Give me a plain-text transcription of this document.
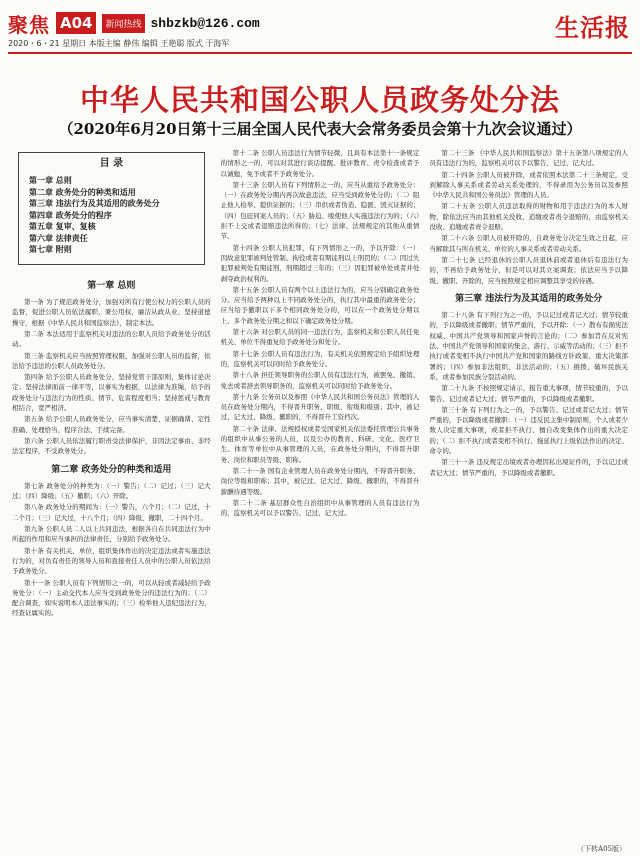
聚焦 A04	新闻热线 shbzkb@126.com	生活报
2020・6・21 星期日 本版主编 静伟 编辑 王艳聪 版式 于海军
中华人民共和国公职人员政务处分法
（2020年6月20日第十三届全国人民代表大会常务委员会第十九次会议通过）
目 录
第一章 总则
第二章 政务处分的种类和适用
第三章 违法行为及其适用的政务处分
第四章 政务处分的程序
第五章 复审、复核
第六章 法律责任
第七章 附则
第一章 总则

第一条 为了规范政务处分，加强对所有行使公权力的公职人员的监督，促进公职人员依法履职、秉公用权、廉洁从政从业、坚持道德操守，根据《中华人民共和国监察法》，制定本法。

第二条 本法适用于监察机关对违法的公职人员给予政务处分的活动。

第三条 监察机关应当按照管理权限，加强对公职人员的监督，依法给予违法的公职人员政务处分。

第四条 给予公职人员政务处分，坚持党管干部原则，集体讨论决定；坚持法律面前一律平等，以事实为根据，以法律为准绳，给予的政务处分与违法行为的性质、情节、危害程度相当；坚持惩戒与教育相结合，宽严相济。

第五条 给予公职人员政务处分，应当事实清楚、证据确凿、定性准确、处理恰当、程序合法、手续完备。

第六条 公职人员依法履行职责受法律保护，非因法定事由、非经法定程序，不受政务处分。

第二章 政务处分的种类和适用

第七条 政务处分的种类为：（一）警告；（二）记过；（三）记大过；（四）降级；（五）撤职；（六）开除。

第八条 政务处分的期间为：（一）警告，六个月；（二）记过，十二个月；（三）记大过，十八个月；（四）降级、撤职，二十四个月。

第九条 公职人员二人以上共同违法，根据各自在共同违法行为中所起的作用和应当承担的法律责任，分别给予政务处分。

第十条 有关机关、单位、组织集体作出的决定违法或者实施违法行为的，对负有责任的领导人员和直接责任人员中的公职人员依法给予政务处分。

第十一条 公职人员有下列情形之一的，可以从轻或者减轻给予政务处分：（一）主动交代本人应当受到政务处分的违法行为的；（二）配合调查，如实说明本人违法事实的；（三）检举他人违纪违法行为，经查证属实的。

第十二条 公职人员违法行为情节轻微，且具有本法第十一条规定的情形之一的，可以对其进行谈话提醒、批评教育、责令检查或者予以诫勉，免予或者不予政务处分。

第十三条 公职人员有下列情形之一的，应当从重给予政务处分：（一）在政务处分期内再次故意违法，应当受到政务处分的；（二）阻止他人检举、提供证据的；（三）串供或者伪造、隐匿、毁灭证据的；（四）包庇同案人员的；（五）胁迫、唆使他人实施违法行为的；（六）拒不上交或者退赔违法所得的；（七）法律、法规规定的其他从重情节。

第十四条 公职人员犯罪，有下列情形之一的，予以开除：（一）因故意犯罪被判处管制、拘役或者有期徒刑以上刑罚的；（二）因过失犯罪被判处有期徒刑，刑期超过三年的；（三）因犯罪被单处或者并处剥夺政治权利的。

第十五条 公职人员有两个以上违法行为的，应当分别确定政务处分。应当给予两种以上不同政务处分的，执行其中最重的政务处分；应当给予撤职以下多个相同政务处分的，可以在一个政务处分期以上、多个政务处分期之和以下确定政务处分期。

第十六条 对公职人员的同一违法行为，监察机关和公职人员任免机关、单位不得重复给予政务处分和处分。

第十七条 公职人员有违法行为，有关机关依照规定给予组织处理的，监察机关可以同时给予政务处分。

第十八条 担任领导职务的公职人员有违法行为，被罢免、撤销、免去或者辞去领导职务的，监察机关可以同时给予政务处分。

第十九条 公务员以及参照《中华人民共和国公务员法》管理的人员在政务处分期内，不得晋升职务、职级、衔级和级别；其中，被记过、记大过、降级、撤职的，不得晋升工资档次。

第二十条 法律、法规授权或者受国家机关依法委托管理公共事务的组织中从事公务的人员，以及公办的教育、科研、文化、医疗卫生、体育等单位中从事管理的人员，在政务处分期内，不得晋升职务、岗位和职员等级、职称。

第二十一条 国有企业管理人员在政务处分期内，不得晋升职务、岗位等级和职称；其中，被记过、记大过、降级、撤职的，不得晋升薪酬待遇等级。

第二十二条 基层群众性自治组织中从事管理的人员有违法行为的，监察机关可以予以警告、记过、记大过。

第二十三条 《中华人民共和国监察法》第十五条第八项规定的人员有违法行为的，监察机关可以予以警告、记过、记大过。

第二十四条 公职人员被开除，或者依照本法第二十三条规定，受到解除人事关系或者劳动关系处理的，不得录用为公务员以及参照《中华人民共和国公务员法》管理的人员。

第二十五条 公职人员违法取得的财物和用于违法行为的本人财物，除依法应当由其他机关没收、追缴或者责令退赔的，由监察机关没收、追缴或者责令退赔。

第二十六条 公职人员被开除的，自政务处分决定生效之日起，应当解除其与所在机关、单位的人事关系或者劳动关系。

第二十七条 已经退休的公职人员退休前或者退休后有违法行为的，不再给予政务处分，但是可以对其立案调查；依法应当予以降级、撤职、开除的，应当按照规定相应调整其享受的待遇。

第三章 违法行为及其适用的政务处分

第二十八条 有下列行为之一的，予以记过或者记大过；情节较重的，予以降级或者撤职；情节严重的，予以开除：（一）散布有损宪法权威、中国共产党领导和国家声誉的言论的；（二）参加旨在反对宪法、中国共产党领导和国家的集会、游行、示威等活动的；（三）拒不执行或者变相不执行中国共产党和国家的路线方针政策、重大决策部署的；（四）参加非法组织、非法活动的；（五）挑拨、破坏民族关系，或者参加民族分裂活动的。

第二十九条 不按照规定请示、报告重大事项，情节较重的，予以警告、记过或者记大过；情节严重的，予以降级或者撤职。

第三十条 有下列行为之一的，予以警告、记过或者记大过；情节严重的，予以降级或者撤职：（一）违反民主集中制原则，个人或者少数人决定重大事项，或者拒不执行、擅自改变集体作出的重大决定的；（二）拒不执行或者变相不执行、拖延执行上级依法作出的决定、命令的。

第三十一条 违反规定出境或者办理因私出境证件的，予以记过或者记大过；情节严重的，予以降级或者撤职。

（下转A05版）
